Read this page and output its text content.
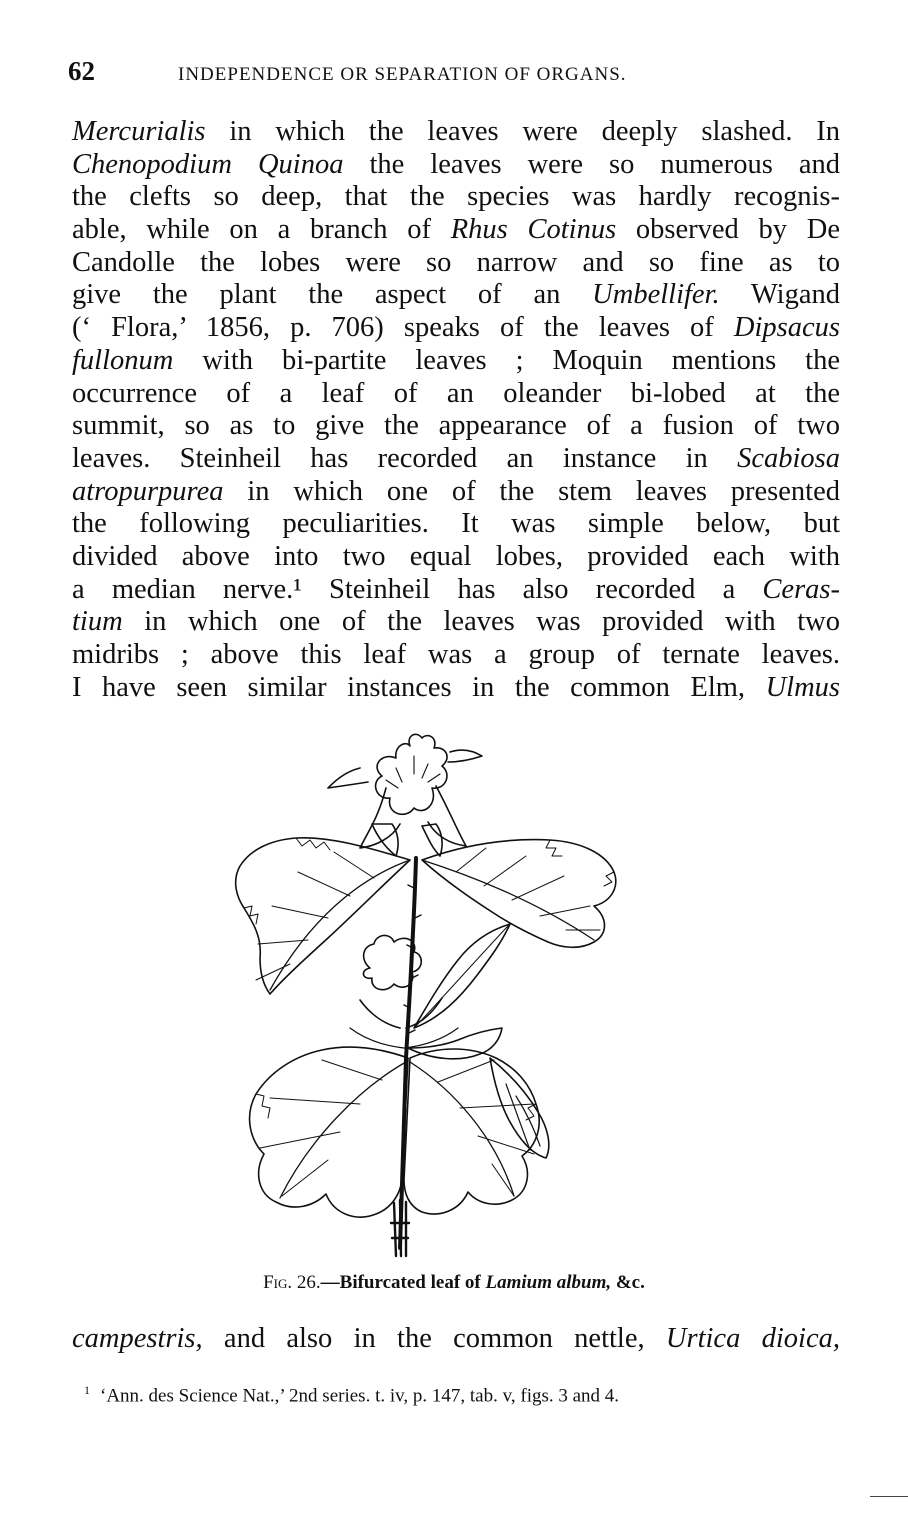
62	INDEPENDENCE OR SEPARATION OF ORGANS.
Mercurialis in which the leaves were deeply slashed. In
Chenopodium Quinoa the leaves were so numerous and
the clefts so deep, that the species was hardly recognis-
able, while on a branch of Rhus Cotinus observed by De
Candolle the lobes were so narrow and so fine as to
give the plant the aspect of an Umbellifer. Wigand
(‘ Flora,’ 1856, p. 706) speaks of the leaves of Dipsacus
fullonum with bi-partite leaves ; Moquin mentions the
occurrence of a leaf of an oleander bi-lobed at the
summit, so as to give the appearance of a fusion of two
leaves. Steinheil has recorded an instance in Scabiosa
atropurpurea in which one of the stem leaves presented
the following peculiarities. It was simple below, but
divided above into two equal lobes, provided each with
a median nerve.¹ Steinheil has also recorded a Ceras-
tium in which one of the leaves was provided with two
midribs ; above this leaf was a group of ternate leaves.
I have seen similar instances in the common Elm, Ulmus
Fig. 26.—Bifurcated leaf of Lamium album, &c.
campestris, and also in the common nettle, Urtica dioica,
$^1$ ‘Ann. des Science Nat.,’ 2nd series. t. iv, p. 147, tab. v, figs. 3 and 4.
